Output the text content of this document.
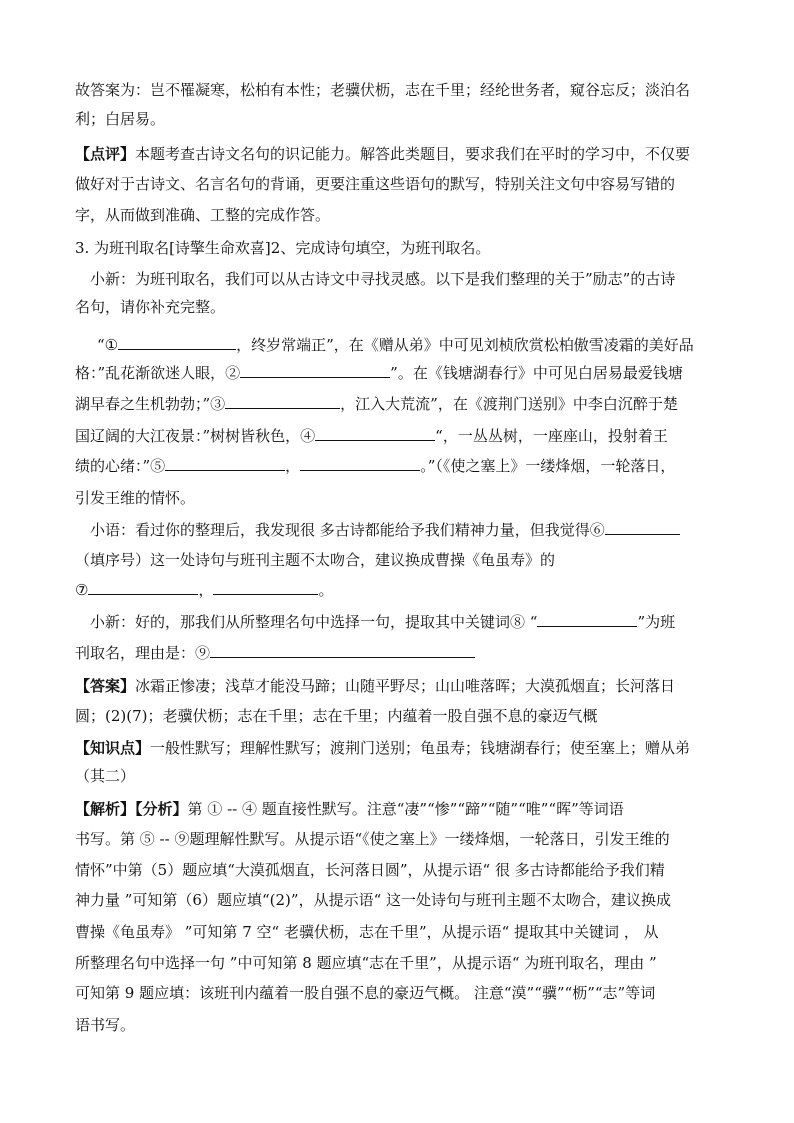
故答案为：岂不罹凝寒，松柏有本性；老骥伏枥，志在千里；经纶世务者，窥谷忘反；淡泊名
利；白居易。
【点评】本题考查古诗文名句的识记能力。解答此类题目，要求我们在平时的学习中，不仅要
做好对于古诗文、名言名句的背诵，更要注重这些语句的默写，特别关注文句中容易写错的
字，从而做到准确、工整的完成作答。
3. 为班刊取名[诗擎生命欢喜]2、完成诗句填空，为班刊取名。
小新：为班刊取名，我们可以从古诗文中寻找灵感。以下是我们整理的关于”励志”的古诗
名句，请你补充完整。
“①	，终岁常端正”，在《赠从弟》中可见刘桢欣赏松柏傲雪凌霜的美好品
格：”乱花渐欲迷人眼，②	”。在《钱塘湖春行》中可见白居易最爱钱塘
湖早春之生机勃勃；”③	，江入大荒流”，在《渡荆门送别》中李白沉醉于楚
国辽阔的大江夜景：”树树皆秋色，④	“，一丛丛树，一座座山，投射着王
绩的心绪：”⑤	，	。”（《使之塞上》一缕烽烟，一轮落日，
引发王维的情怀。
小语：看过你的整理后，我发现很 多古诗都能给予我们精神力量，但我觉得⑥
（填序号）这一处诗句与班刊主题不太吻合，建议换成曹操《龟虽寿》的
⑦	，	。
小新：好的，那我们从所整理名句中选择一句，提取其中关键词⑧ “	”为班
刊取名，理由是：⑨
【答案】冰霜正惨凄；浅草才能没马蹄；山随平野尽；山山唯落晖；大漠孤烟直；长河落日
圆；(2)(7)；老骥伏枥；志在千里；志在千里；内蕴着一股自强不息的豪迈气概
【知识点】一般性默写；理解性默写；渡荆门送别；龟虽寿；钱塘湖春行；使至塞上；赠从弟
（其二）
【解析】【分析】第 ① -- ④ 题直接性默写。注意“凄”“惨”“蹄”“随”“唯”“晖”等词语
书写。第 ⑤ -- ⑨题理解性默写。从提示语“《使之塞上》一缕烽烟，一轮落日，引发王维的
情怀”中第（5）题应填“大漠孤烟直，长河落日圆”，从提示语“ 很 多古诗都能给予我们精
神力量 ”可知第（6）题应填“(2)”，从提示语“ 这一处诗句与班刊主题不太吻合，建议换成
曹操《龟虽寿》 ”可知第 7 空“ 老骥伏枥，志在千里”，从提示语“ 提取其中关键词 ， 从
所整理名句中选择一句 ”中可知第 8 题应填“志在千里”，从提示语“ 为班刊取名，理由 ”
可知第 9 题应填：该班刊内蕴着一股自强不息的豪迈气概。 注意“漠”“骥”“枥”“志”等词
语书写。
